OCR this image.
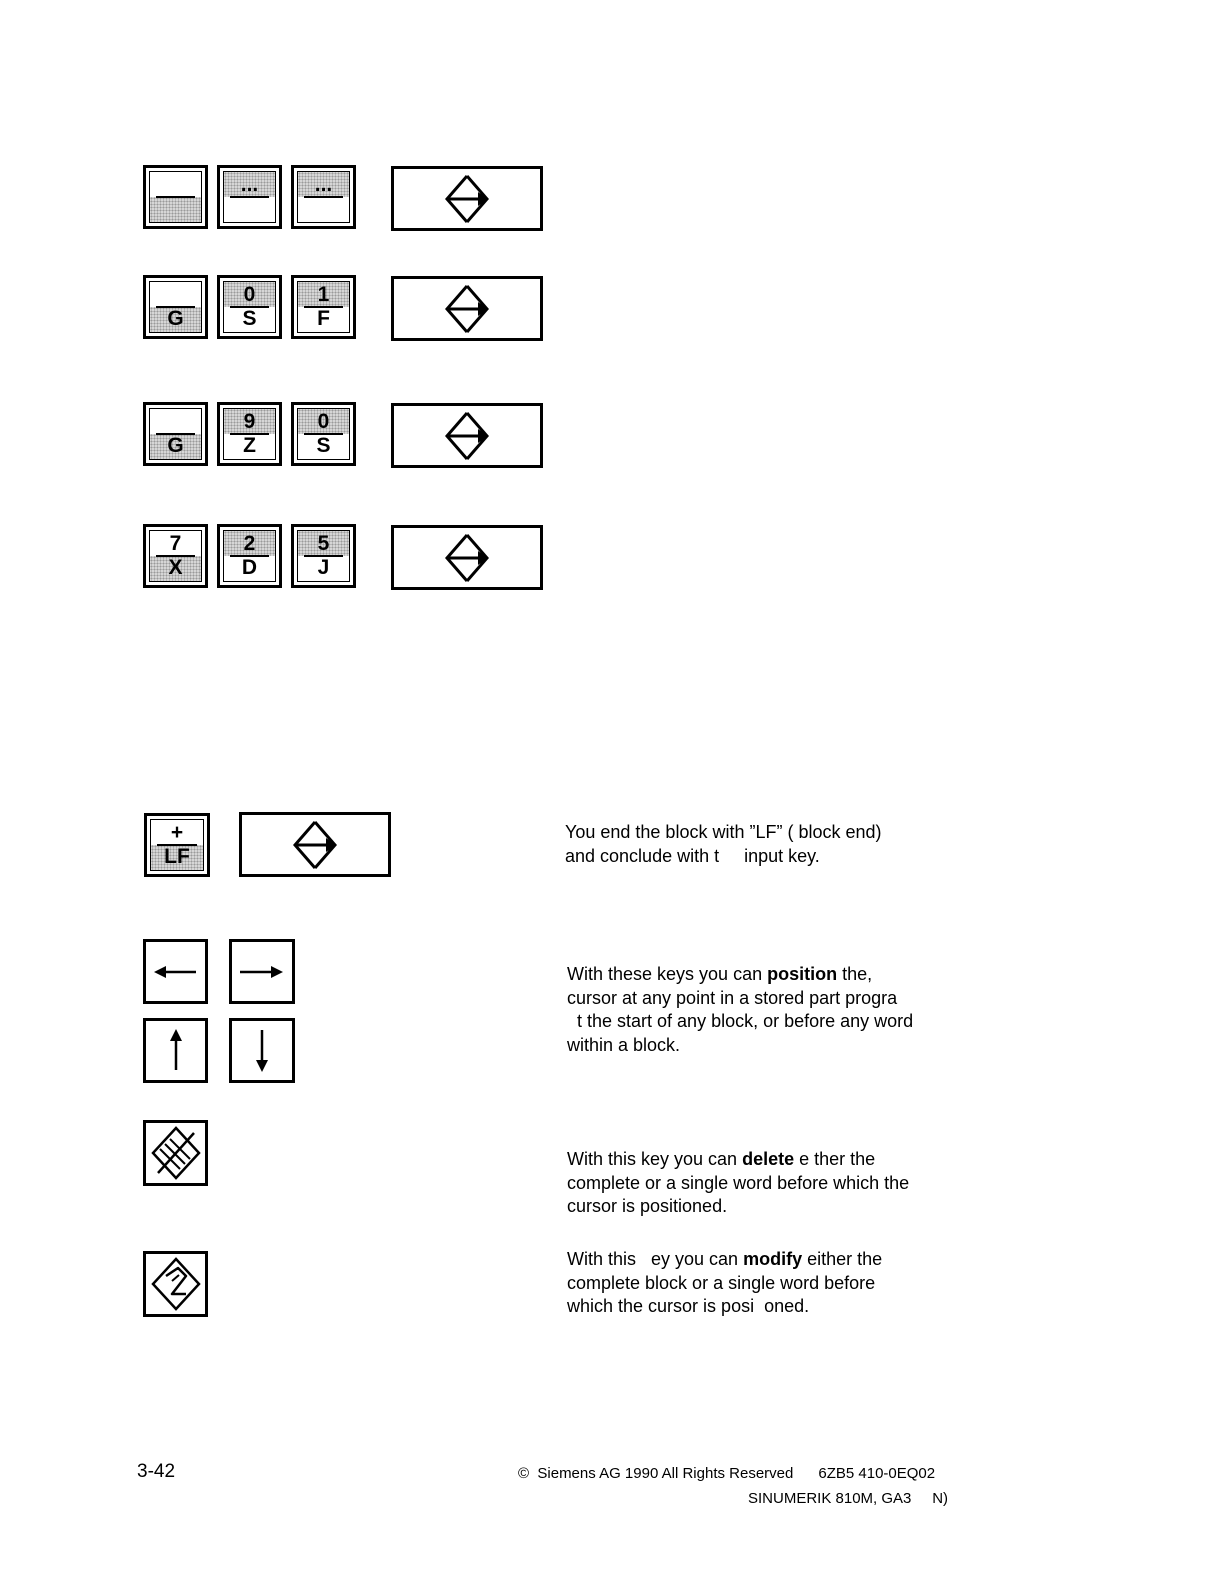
...	...
G
0
S
1
F
G
9
Z
0
S
7
X
2
D
5
J
+
LF
You end the block with ”LF” ( block end)
and conclude with t     input key.
With these keys you can position the,
cursor at any point in a stored part progra
t the start of any block, or before any word
within a block.
With this key you can delete e ther the
complete or a single word before which the
cursor is positioned.
With this   ey you can modify either the
complete block or a single word before
which the cursor is posi  oned.
3-42	©  Siemens AG 1990 All Rights Reserved      6ZB5 410-0EQ02
SINUMERIK 810M, GA3     N)
